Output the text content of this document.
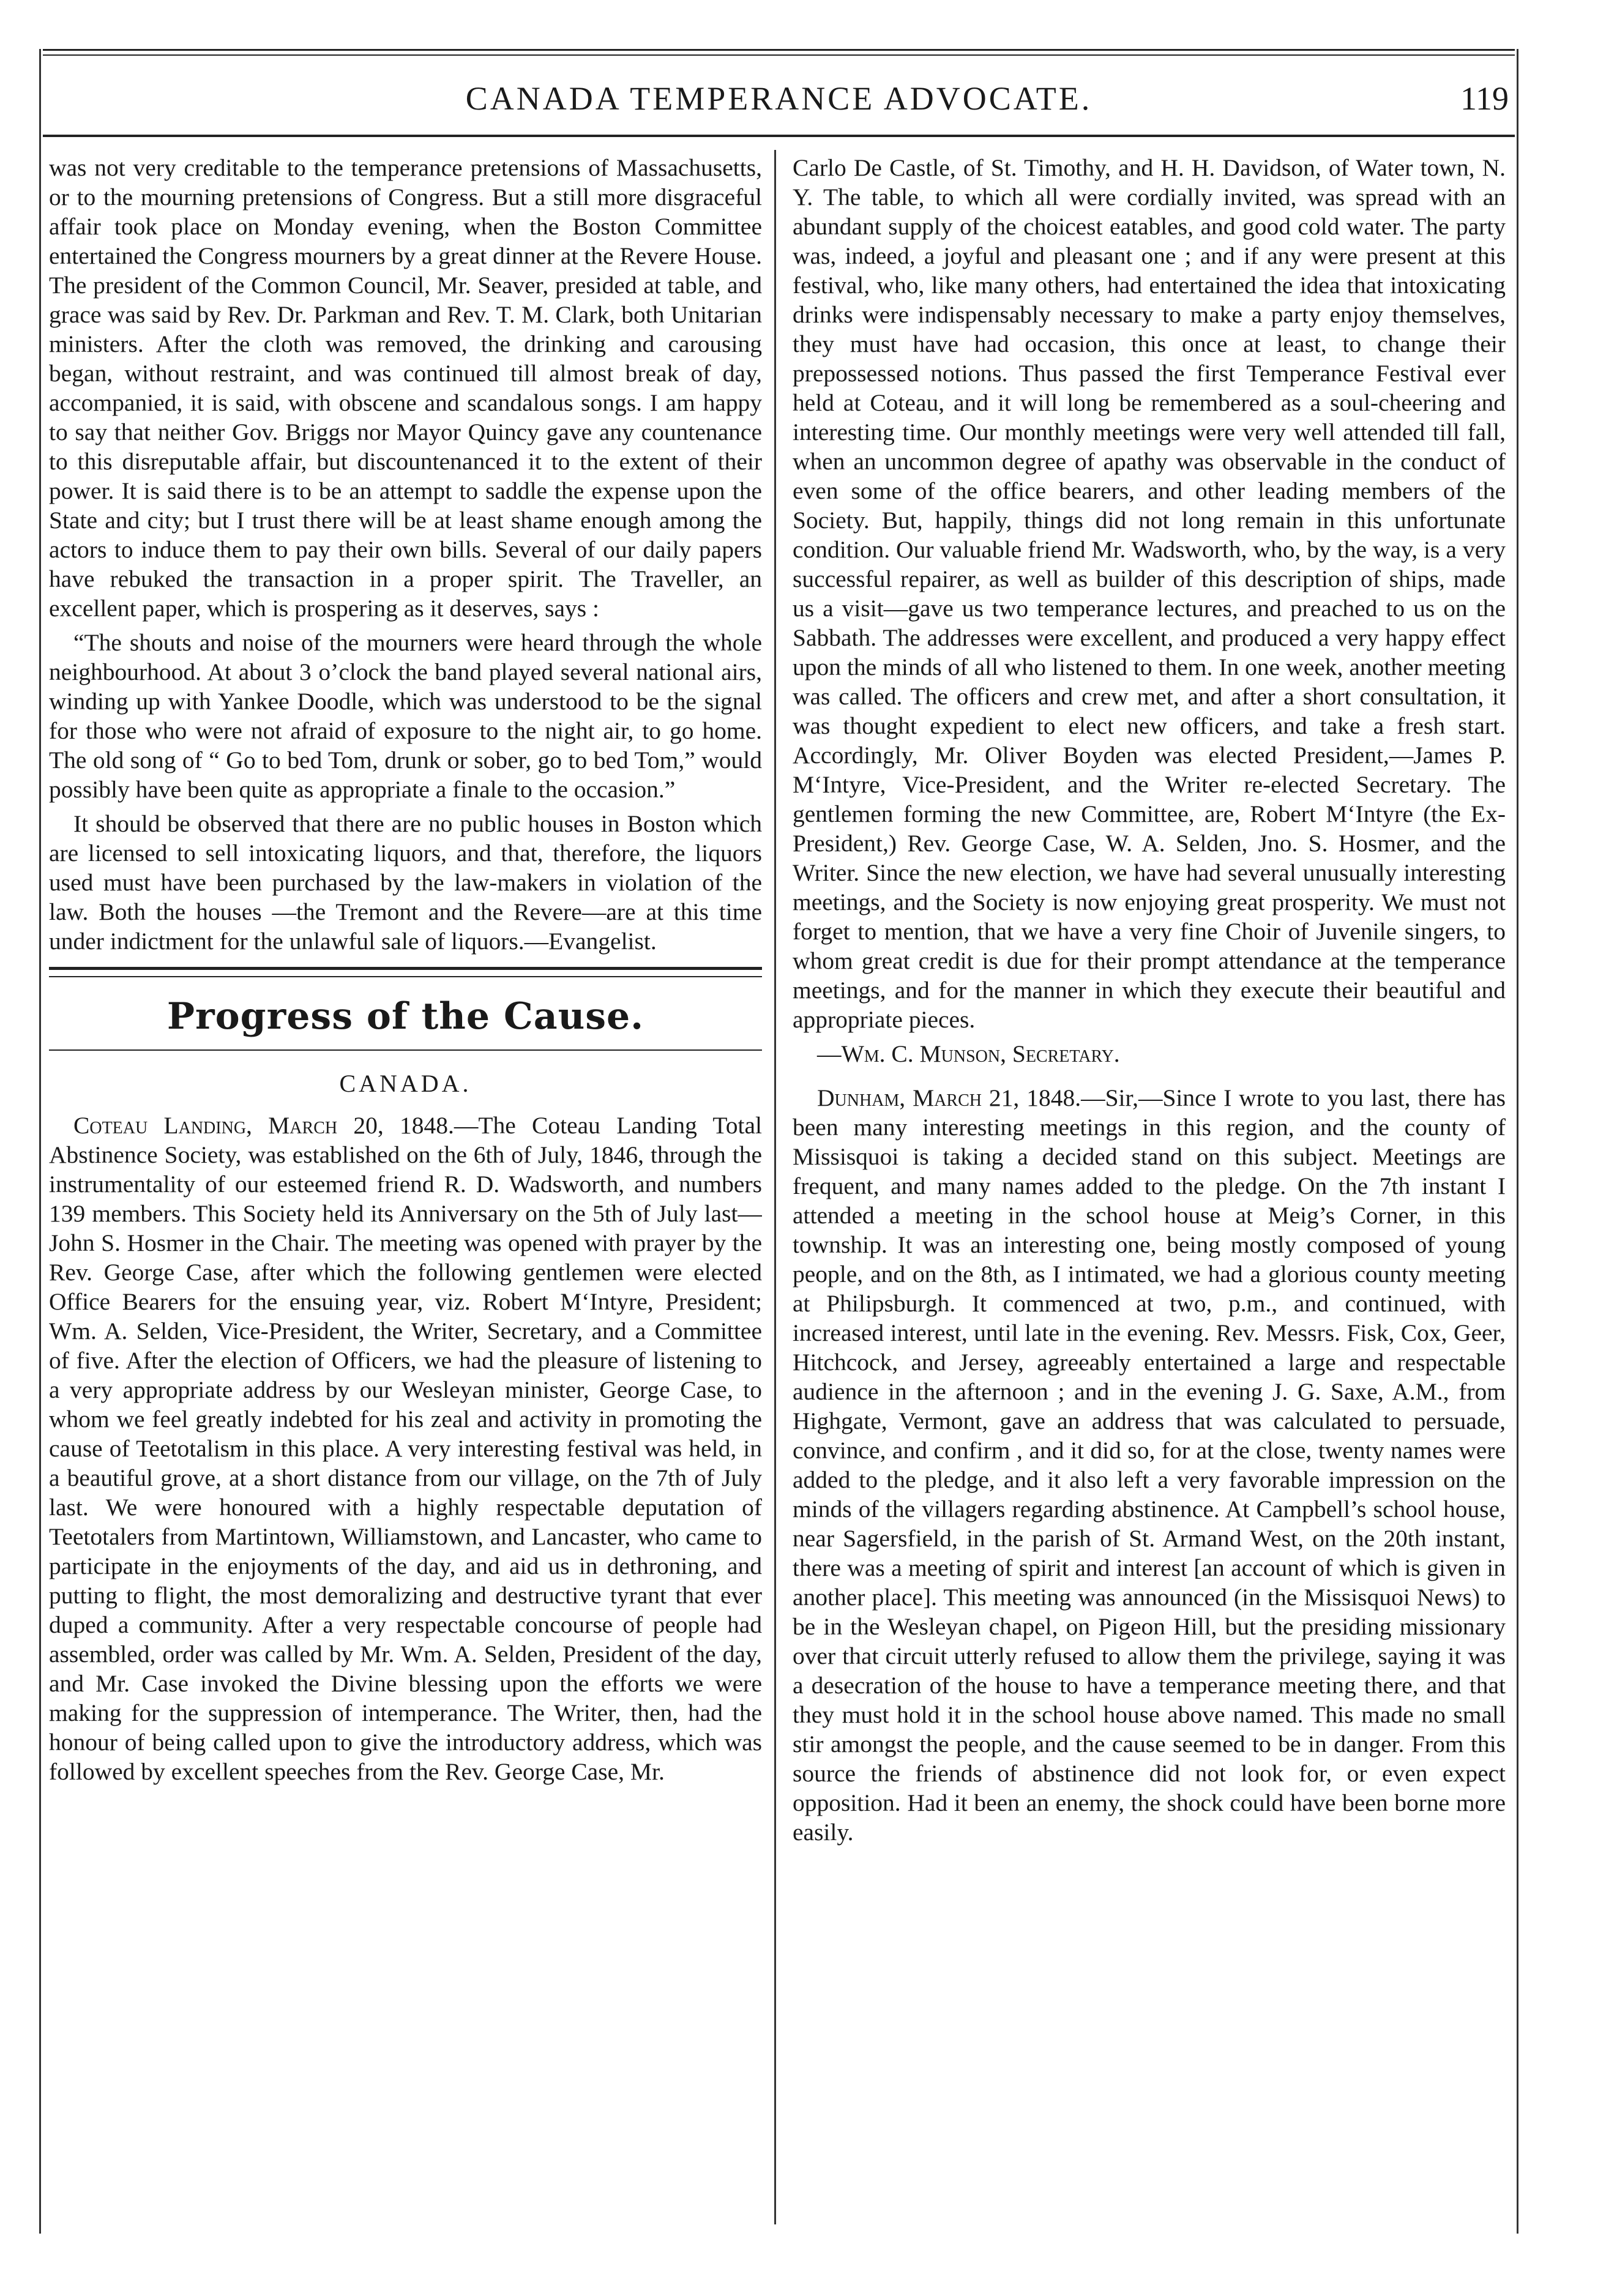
CANADA TEMPERANCE ADVOCATE.	119

was not very creditable to the temperance pretensions of Massachusetts, or to the mourning pretensions of Congress. But a still more disgraceful affair took place on Monday evening, when the Boston Committee entertained the Congress mourners by a great dinner at the Revere House. The president of the Common Council, Mr. Seaver, presided at table, and grace was said by Rev. Dr. Parkman and Rev. T. M. Clark, both Unitarian ministers. After the cloth was removed, the drinking and carousing began, without restraint, and was continued till almost break of day, accompanied, it is said, with obscene and scandalous songs. I am happy to say that neither Gov. Briggs nor Mayor Quincy gave any countenance to this disreputable affair, but discountenanced it to the extent of their power. It is said there is to be an attempt to saddle the expense upon the State and city; but I trust there will be at least shame enough among the actors to induce them to pay their own bills. Several of our daily papers have rebuked the transaction in a proper spirit. The Traveller, an excellent paper, which is prospering as it deserves, says :

“The shouts and noise of the mourners were heard through the whole neighbourhood. At about 3 o’clock the band played several national airs, winding up with Yankee Doodle, which was understood to be the signal for those who were not afraid of exposure to the night air, to go home. The old song of “ Go to bed Tom, drunk or sober, go to bed Tom,” would possibly have been quite as appropriate a finale to the occasion.”

It should be observed that there are no public houses in Boston which are licensed to sell intoxicating liquors, and that, therefore, the liquors used must have been purchased by the law-makers in violation of the law. Both the houses —the Tremont and the Revere—are at this time under indictment for the unlawful sale of liquors.—Evangelist.

Progress of the Cause.
CANADA.

Coteau Landing, March 20, 1848.—The Coteau Landing Total Abstinence Society, was established on the 6th of July, 1846, through the instrumentality of our esteemed friend R. D. Wadsworth, and numbers 139 members. This Society held its Anniversary on the 5th of July last—John S. Hosmer in the Chair. The meeting was opened with prayer by the Rev. George Case, after which the following gentlemen were elected Office Bearers for the ensuing year, viz. Robert M‘Intyre, President; Wm. A. Selden, Vice-President, the Writer, Secretary, and a Committee of five. After the election of Officers, we had the pleasure of listening to a very appropriate address by our Wesleyan minister, George Case, to whom we feel greatly indebted for his zeal and activity in promoting the cause of Teetotalism in this place. A very interesting festival was held, in a beautiful grove, at a short distance from our village, on the 7th of July last. We were honoured with a highly respectable deputation of Teetotalers from Martintown, Williamstown, and Lancaster, who came to participate in the enjoyments of the day, and aid us in dethroning, and putting to flight, the most demoralizing and destructive tyrant that ever duped a community. After a very respectable concourse of people had assembled, order was called by Mr. Wm. A. Selden, President of the day, and Mr. Case invoked the Divine blessing upon the efforts we were making for the suppression of intemperance. The Writer, then, had the honour of being called upon to give the introductory address, which was followed by excellent speeches from the Rev. George Case, Mr.

Carlo De Castle, of St. Timothy, and H. H. Davidson, of Water town, N. Y. The table, to which all were cordially invited, was spread with an abundant supply of the choicest eatables, and good cold water. The party was, indeed, a joyful and pleasant one ; and if any were present at this festival, who, like many others, had entertained the idea that intoxicating drinks were indispensably necessary to make a party enjoy themselves, they must have had occasion, this once at least, to change their prepossessed notions. Thus passed the first Temperance Festival ever held at Coteau, and it will long be remembered as a soul-cheering and interesting time. Our monthly meetings were very well attended till fall, when an uncommon degree of apathy was observable in the conduct of even some of the office bearers, and other leading members of the Society. But, happily, things did not long remain in this unfortunate condition. Our valuable friend Mr. Wadsworth, who, by the way, is a very successful repairer, as well as builder of this description of ships, made us a visit—gave us two temperance lectures, and preached to us on the Sabbath. The addresses were excellent, and produced a very happy effect upon the minds of all who listened to them. In one week, another meeting was called. The officers and crew met, and after a short consultation, it was thought expedient to elect new officers, and take a fresh start. Accordingly, Mr. Oliver Boyden was elected President,—James P. M‘Intyre, Vice-President, and the Writer re-elected Secretary. The gentlemen forming the new Committee, are, Robert M‘Intyre (the Ex-President,) Rev. George Case, W. A. Selden, Jno. S. Hosmer, and the Writer. Since the new election, we have had several unusually interesting meetings, and the Society is now enjoying great prosperity. We must not forget to mention, that we have a very fine Choir of Juvenile singers, to whom great credit is due for their prompt attendance at the temperance meetings, and for the manner in which they execute their beautiful and appropriate pieces.

—Wm. C. Munson, Secretary.

Dunham, March 21, 1848.—Sir,—Since I wrote to you last, there has been many interesting meetings in this region, and the county of Missisquoi is taking a decided stand on this subject. Meetings are frequent, and many names added to the pledge. On the 7th instant I attended a meeting in the school house at Meig’s Corner, in this township. It was an interesting one, being mostly composed of young people, and on the 8th, as I intimated, we had a glorious county meeting at Philipsburgh. It commenced at two, p.m., and continued, with increased interest, until late in the evening. Rev. Messrs. Fisk, Cox, Geer, Hitchcock, and Jersey, agreeably entertained a large and respectable audience in the afternoon ; and in the evening J. G. Saxe, A.M., from Highgate, Vermont, gave an address that was calculated to persuade, convince, and confirm , and it did so, for at the close, twenty names were added to the pledge, and it also left a very favorable impression on the minds of the villagers regarding abstinence. At Campbell’s school house, near Sagersfield, in the parish of St. Armand West, on the 20th instant, there was a meeting of spirit and interest [an account of which is given in another place]. This meeting was announced (in the Missisquoi News) to be in the Wesleyan chapel, on Pigeon Hill, but the presiding missionary over that circuit utterly refused to allow them the privilege, saying it was a desecration of the house to have a temperance meeting there, and that they must hold it in the school house above named. This made no small stir amongst the people, and the cause seemed to be in danger. From this source the friends of abstinence did not look for, or even expect opposition. Had it been an enemy, the shock could have been borne more easily.
